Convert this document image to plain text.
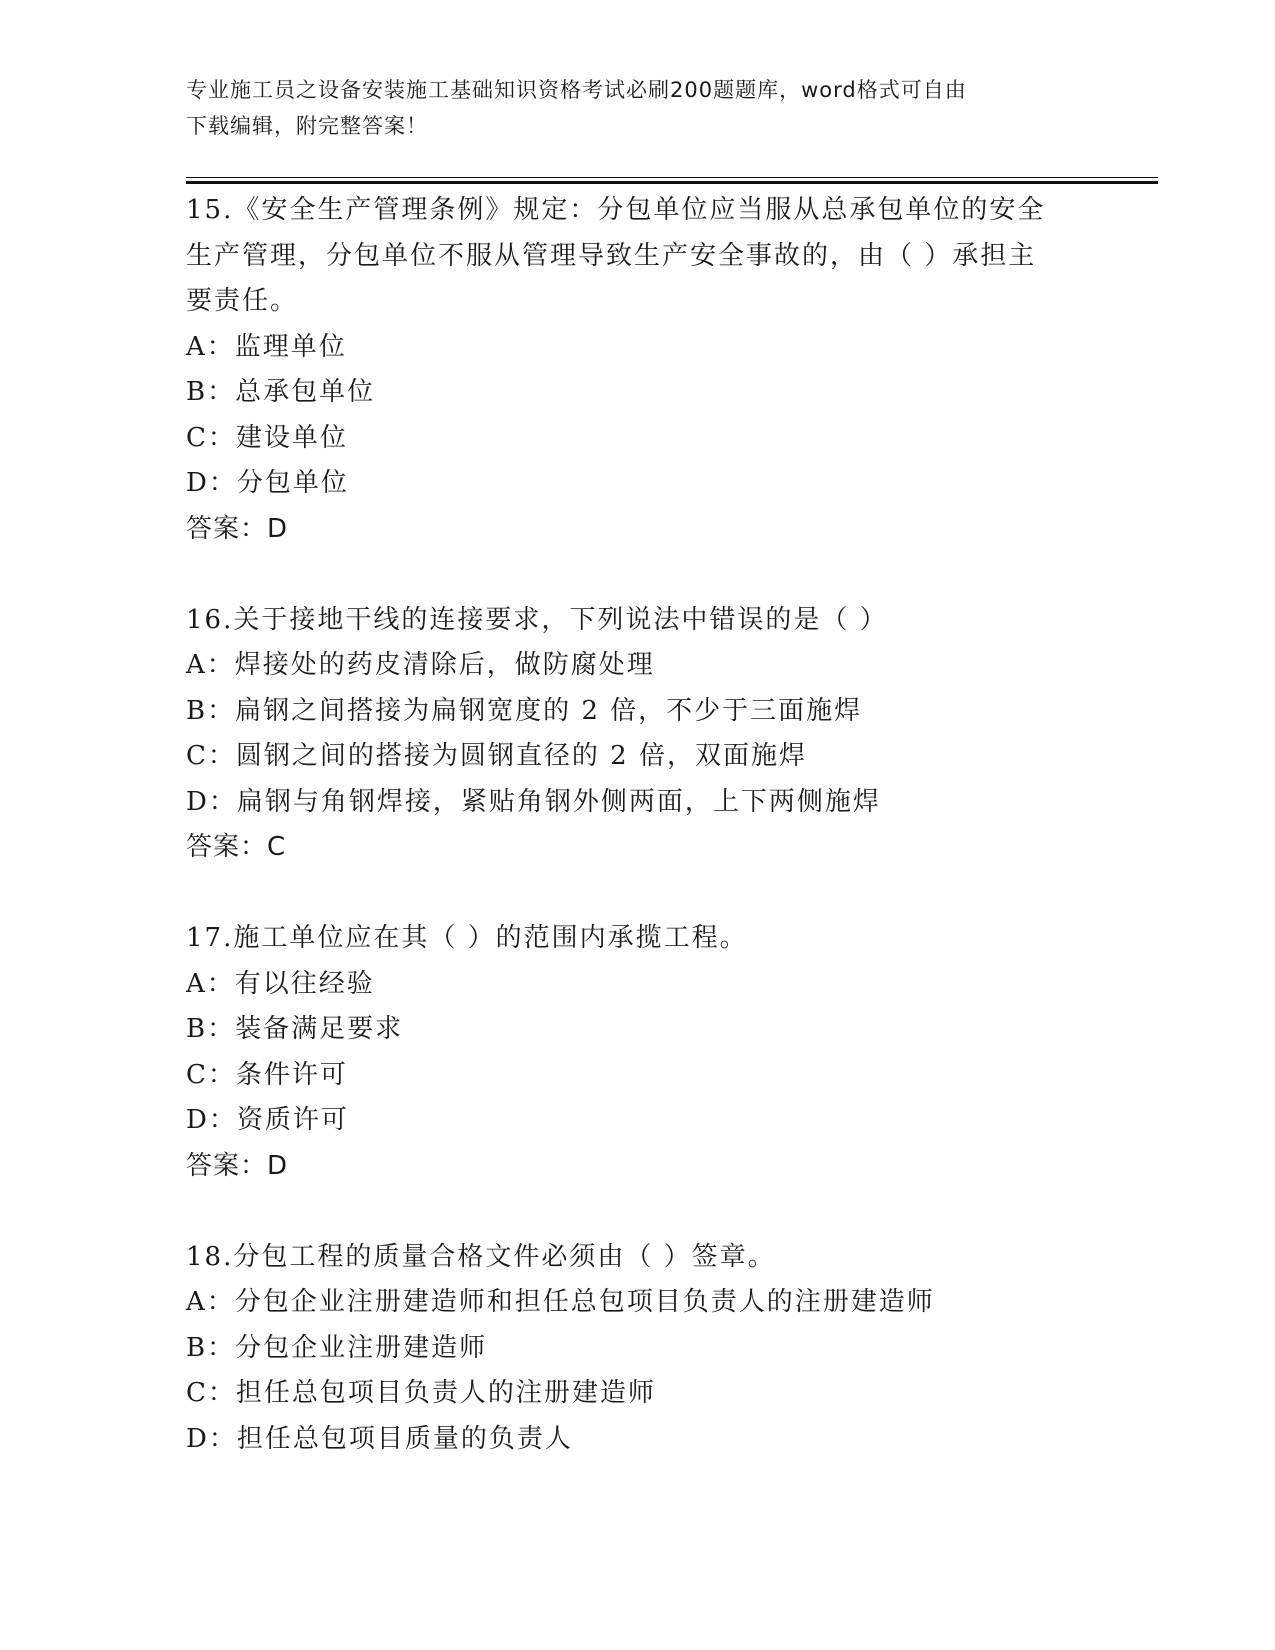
专业施工员之设备安装施工基础知识资格考试必刷200题题库，word格式可自由
下载编辑，附完整答案！
15.《安全生产管理条例》规定：分包单位应当服从总承包单位的安全
生产管理，分包单位不服从管理导致生产安全事故的，由（ ）承担主
要责任。
A：监理单位
B：总承包单位
C：建设单位
D：分包单位
答案：D
16.关于接地干线的连接要求，下列说法中错误的是（ ）
A：焊接处的药皮清除后，做防腐处理
B：扁钢之间搭接为扁钢宽度的 2 倍，不少于三面施焊
C：圆钢之间的搭接为圆钢直径的 2 倍，双面施焊
D：扁钢与角钢焊接，紧贴角钢外侧两面，上下两侧施焊
答案：C
17.施工单位应在其（ ）的范围内承揽工程。
A：有以往经验
B：装备满足要求
C：条件许可
D：资质许可
答案：D
18.分包工程的质量合格文件必须由（ ）签章。
A：分包企业注册建造师和担任总包项目负责人的注册建造师
B：分包企业注册建造师
C：担任总包项目负责人的注册建造师
D：担任总包项目质量的负责人
